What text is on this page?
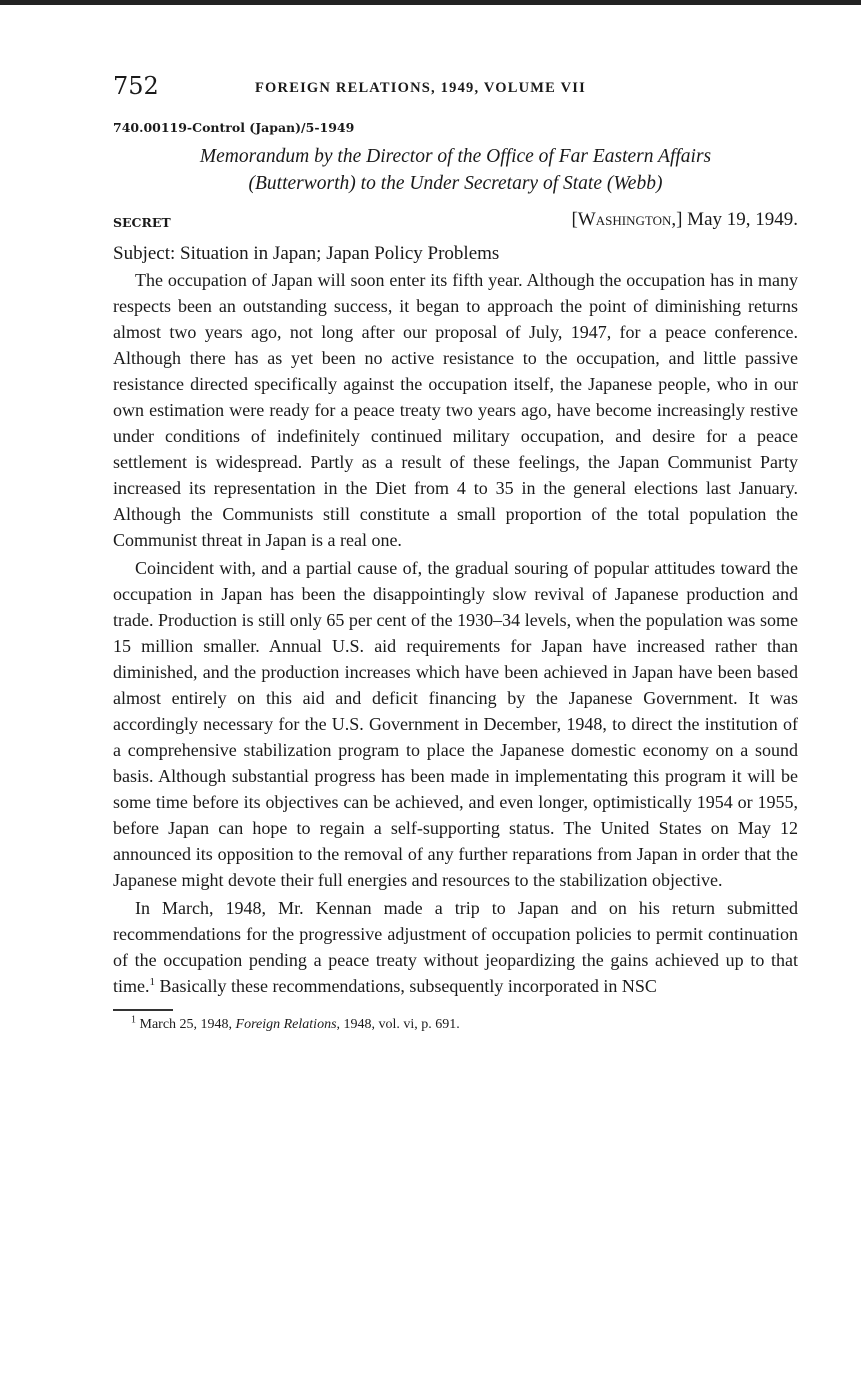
752	FOREIGN RELATIONS, 1949, VOLUME VII
740.00119-Control (Japan)/5-1949
Memorandum by the Director of the Office of Far Eastern Affairs
(Butterworth) to the Under Secretary of State (Webb)
SECRET	[Washington,] May 19, 1949.
Subject: Situation in Japan; Japan Policy Problems

The occupation of Japan will soon enter its fifth year. Although the occupation has in many respects been an outstanding success, it began to approach the point of diminishing returns almost two years ago, not long after our proposal of July, 1947, for a peace conference. Although there has as yet been no active resistance to the occupation, and little passive resistance directed specifically against the occupation itself, the Japanese people, who in our own estimation were ready for a peace treaty two years ago, have become increasingly restive under conditions of indefinitely continued military occupation, and desire for a peace settlement is widespread. Partly as a result of these feelings, the Japan Communist Party increased its representation in the Diet from 4 to 35 in the general elections last January. Although the Communists still constitute a small proportion of the total population the Communist threat in Japan is a real one.

Coincident with, and a partial cause of, the gradual souring of popular attitudes toward the occupation in Japan has been the disappointingly slow revival of Japanese production and trade. Production is still only 65 per cent of the 1930–34 levels, when the population was some 15 million smaller. Annual U.S. aid requirements for Japan have increased rather than diminished, and the production increases which have been achieved in Japan have been based almost entirely on this aid and deficit financing by the Japanese Government. It was accordingly necessary for the U.S. Government in December, 1948, to direct the institution of a comprehensive stabilization program to place the Japanese domestic economy on a sound basis. Although substantial progress has been made in implementating this program it will be some time before its objectives can be achieved, and even longer, optimistically 1954 or 1955, before Japan can hope to regain a self-supporting status. The United States on May 12 announced its opposition to the removal of any further reparations from Japan in order that the Japanese might devote their full energies and resources to the stabilization objective.

In March, 1948, Mr. Kennan made a trip to Japan and on his return submitted recommendations for the progressive adjustment of occupation policies to permit continuation of the occupation pending a peace treaty without jeopardizing the gains achieved up to that time.$^1$ Basically these recommendations, subsequently incorporated in NSC

$^1$ March 25, 1948, Foreign Relations, 1948, vol. vi, p. 691.
